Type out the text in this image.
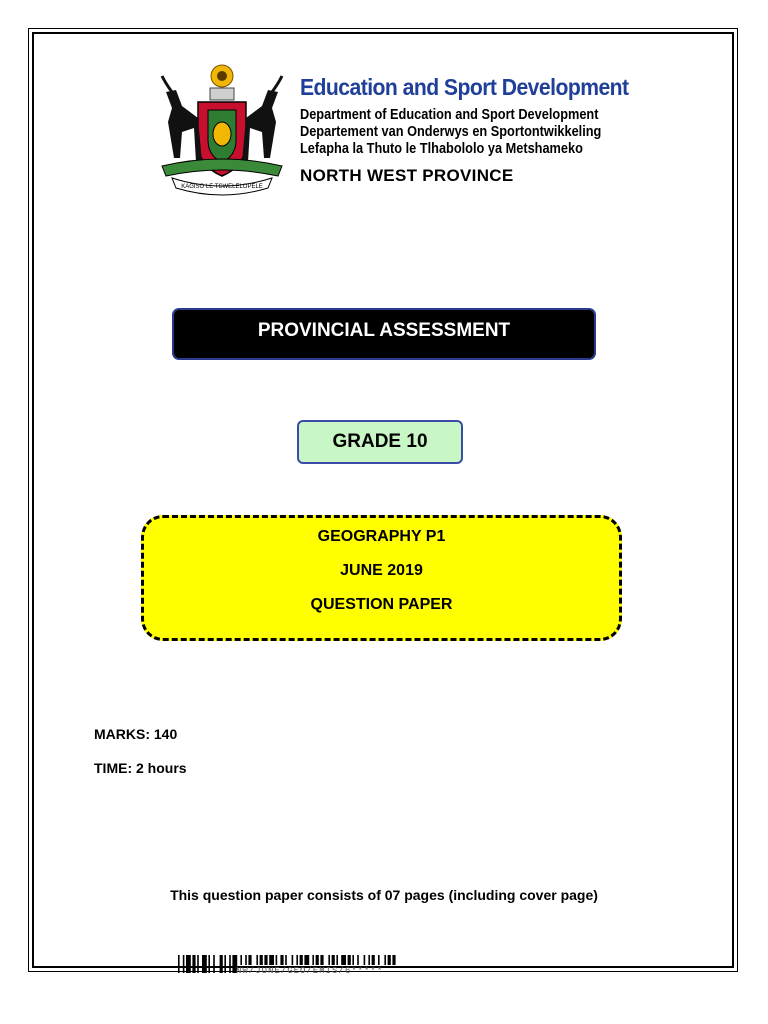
KAGISO LE TSWELELOPELE
Education and Sport Development
Department of Education and Sport Development
Departement van Onderwys en Sportontwikkeling
Lefapha la Thuto le Tlhabololo ya Metshameko
NORTH WEST PROVINCE
PROVINCIAL ASSESSMENT
GRADE 10
GEOGRAPHY P1
JUNE 2019
QUESTION PAPER
MARKS: 140
TIME: 2 hours
This question paper consists of 07 pages (including cover page)
NW/JUNE/GEO/EMIS/6*****
